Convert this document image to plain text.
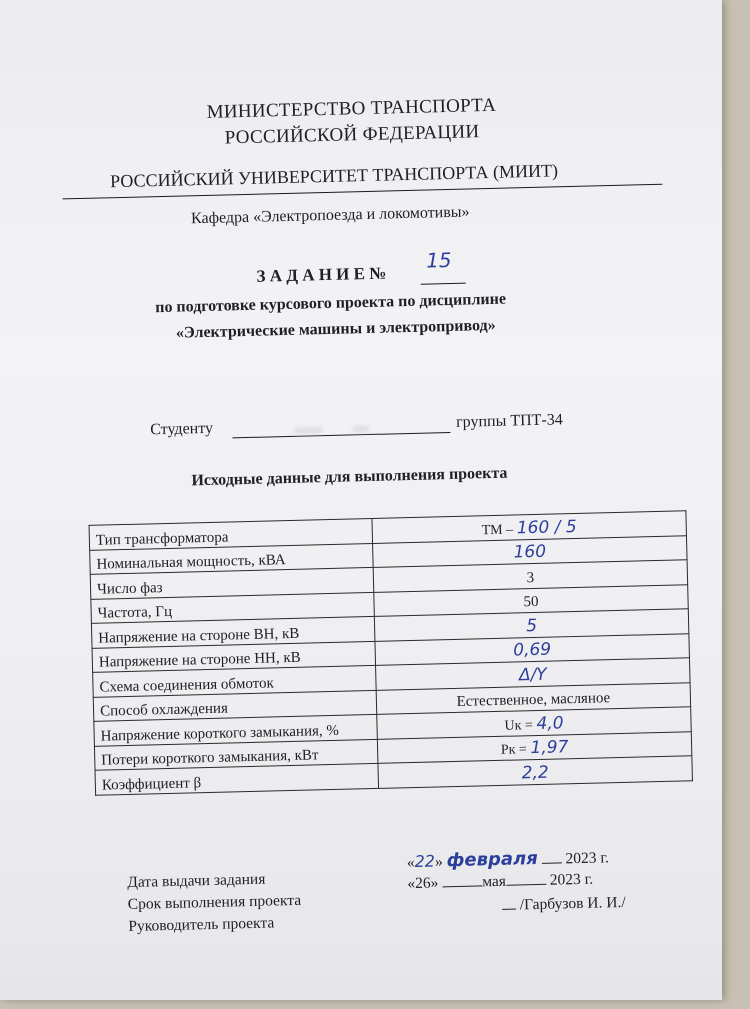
МИНИСТЕРСТВО ТРАНСПОРТА
РОССИЙСКОЙ ФЕДЕРАЦИИ
РОССИЙСКИЙ УНИВЕРСИТЕТ ТРАНСПОРТА (МИИТ)
Кафедра «Электропоезда и локомотивы»
З А Д А Н И Е №
15
по подготовке курсового проекта по дисциплине
«Электрические машины и электропривод»
Студенту	группы ТПТ-34
Исходные данные для выполнения проекта
Тип трансформатора	ТМ – 160 / 5
Номинальная мощность, кВА	160
Число фаз	3
Частота, Гц	50
Напряжение на стороне ВН, кВ	5
Напряжение на стороне НН, кВ	0,69
Схема соединения обмоток	Δ/Y
Способ охлаждения	Естественное, масляное
Напряжение короткого замыкания, %	Uк = 4,0
Потери короткого замыкания, кВт	Pк = 1,97
Коэффициент β	2,2
Дата выдачи задания
«22» февраля 2023 г.
Срок выполнения проекта
«26»	мая	2023 г.
Руководитель проекта
/Гарбузов И. И./
